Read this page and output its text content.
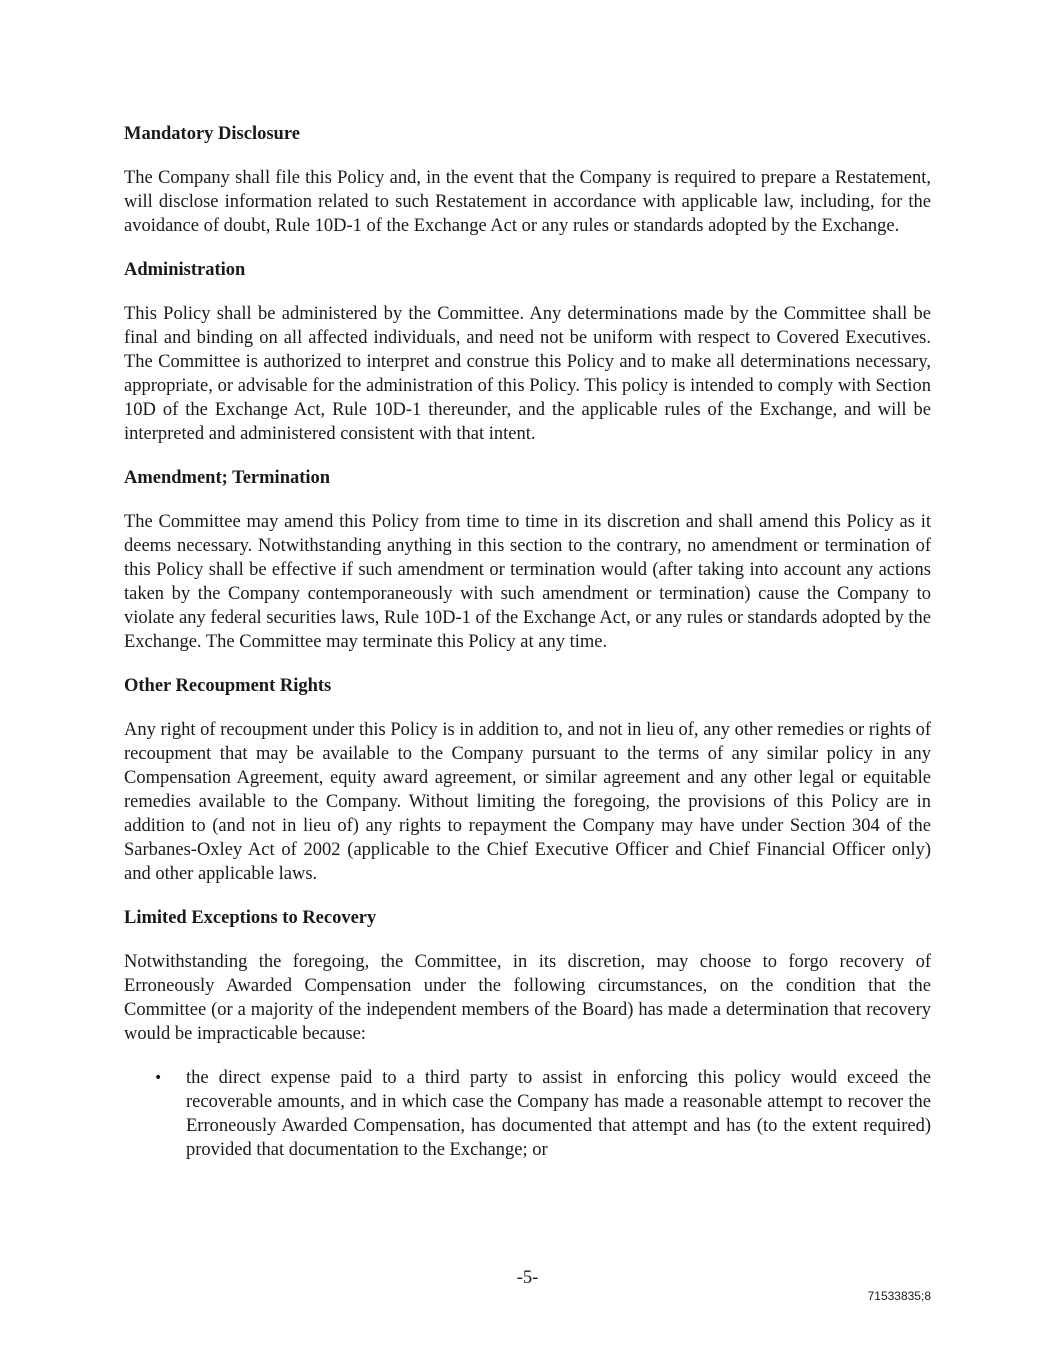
Mandatory Disclosure
The Company shall file this Policy and, in the event that the Company is required to prepare a Restatement, will disclose information related to such Restatement in accordance with applicable law, including, for the avoidance of doubt, Rule 10D-1 of the Exchange Act or any rules or standards adopted by the Exchange.
Administration
This Policy shall be administered by the Committee. Any determinations made by the Committee shall be final and binding on all affected individuals, and need not be uniform with respect to Covered Executives. The Committee is authorized to interpret and construe this Policy and to make all determinations necessary, appropriate, or advisable for the administration of this Policy. This policy is intended to comply with Section 10D of the Exchange Act, Rule 10D-1 thereunder, and the applicable rules of the Exchange, and will be interpreted and administered consistent with that intent.
Amendment; Termination
The Committee may amend this Policy from time to time in its discretion and shall amend this Policy as it deems necessary. Notwithstanding anything in this section to the contrary, no amendment or termination of this Policy shall be effective if such amendment or termination would (after taking into account any actions taken by the Company contemporaneously with such amendment or termination) cause the Company to violate any federal securities laws, Rule 10D-1 of the Exchange Act, or any rules or standards adopted by the Exchange. The Committee may terminate this Policy at any time.
Other Recoupment Rights
Any right of recoupment under this Policy is in addition to, and not in lieu of, any other remedies or rights of recoupment that may be available to the Company pursuant to the terms of any similar policy in any Compensation Agreement, equity award agreement, or similar agreement and any other legal or equitable remedies available to the Company. Without limiting the foregoing, the provisions of this Policy are in addition to (and not in lieu of) any rights to repayment the Company may have under Section 304 of the Sarbanes-Oxley Act of 2002 (applicable to the Chief Executive Officer and Chief Financial Officer only) and other applicable laws.
Limited Exceptions to Recovery
Notwithstanding the foregoing, the Committee, in its discretion, may choose to forgo recovery of Erroneously Awarded Compensation under the following circumstances, on the condition that the Committee (or a majority of the independent members of the Board) has made a determination that recovery would be impracticable because:
• the direct expense paid to a third party to assist in enforcing this policy would exceed the recoverable amounts, and in which case the Company has made a reasonable attempt to recover the Erroneously Awarded Compensation, has documented that attempt and has (to the extent required) provided that documentation to the Exchange; or
-5-
71533835;8
